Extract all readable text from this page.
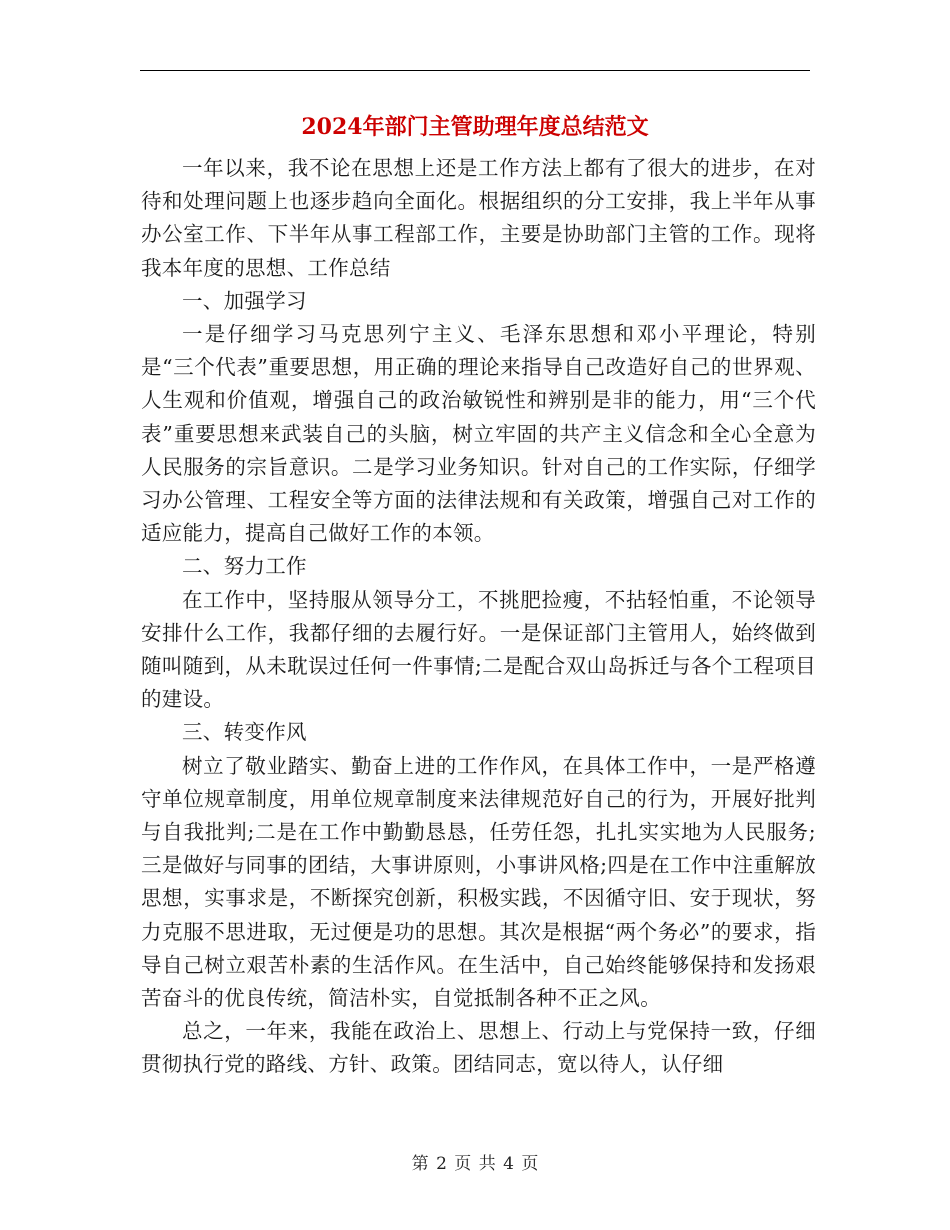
2024年部门主管助理年度总结范文

一年以来，我不论在思想上还是工作方法上都有了很大的进步，在对待和处理问题上也逐步趋向全面化。根据组织的分工安排，我上半年从事办公室工作、下半年从事工程部工作，主要是协助部门主管的工作。现将我本年度的思想、工作总结

一、加强学习

一是仔细学习马克思列宁主义、毛泽东思想和邓小平理论，特别是“三个代表”重要思想，用正确的理论来指导自己改造好自己的世界观、人生观和价值观，增强自己的政治敏锐性和辨别是非的能力，用“三个代表”重要思想来武装自己的头脑，树立牢固的共产主义信念和全心全意为人民服务的宗旨意识。二是学习业务知识。针对自己的工作实际，仔细学习办公管理、工程安全等方面的法律法规和有关政策，增强自己对工作的适应能力，提高自己做好工作的本领。

二、努力工作

在工作中，坚持服从领导分工，不挑肥捡瘦，不拈轻怕重，不论领导安排什么工作，我都仔细的去履行好。一是保证部门主管用人，始终做到随叫随到，从未耽误过任何一件事情;二是配合双山岛拆迁与各个工程项目的建设。

三、转变作风

树立了敬业踏实、勤奋上进的工作作风，在具体工作中，一是严格遵守单位规章制度，用单位规章制度来法律规范好自己的行为，开展好批判与自我批判;二是在工作中勤勤恳恳，任劳任怨，扎扎实实地为人民服务;三是做好与同事的团结，大事讲原则，小事讲风格;四是在工作中注重解放思想，实事求是，不断探究创新，积极实践，不因循守旧、安于现状，努力克服不思进取，无过便是功的思想。其次是根据“两个务必”的要求，指导自己树立艰苦朴素的生活作风。在生活中，自己始终能够保持和发扬艰苦奋斗的优良传统，简洁朴实，自觉抵制各种不正之风。

总之，一年来，我能在政治上、思想上、行动上与党保持一致，仔细贯彻执行党的路线、方针、政策。团结同志，宽以待人，认仔细

第 2 页 共 4 页
